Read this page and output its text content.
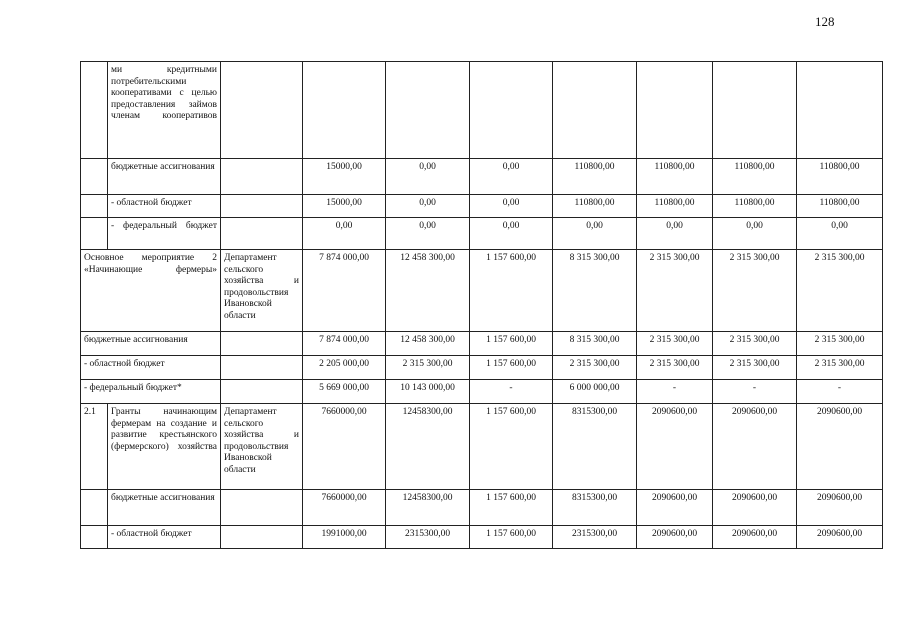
128
	ми кредитными потребительскими кооперативами с целью предоставления займов членам кооперативов								
	бюджетные ассигнования		15000,00	0,00	0,00	110800,00	110800,00	110800,00	110800,00
	- областной бюджет		15000,00	0,00	0,00	110800,00	110800,00	110800,00	110800,00
	- федеральный бюджет		0,00	0,00	0,00	0,00	0,00	0,00	0,00
Основное мероприятие 2 «Начинающие фермеры»		Департамент сельского хозяйства и продовольствия Ивановской области	7 874 000,00	12 458 300,00	1 157 600,00	8 315 300,00	2 315 300,00	2 315 300,00	2 315 300,00
бюджетные ассигнования			7 874 000,00	12 458 300,00	1 157 600,00	8 315 300,00	2 315 300,00	2 315 300,00	2 315 300,00
- областной бюджет			2 205 000,00	2 315 300,00	1 157 600,00	2 315 300,00	2 315 300,00	2 315 300,00	2 315 300,00
- федеральный бюджет*			5 669 000,00	10 143 000,00	-	6 000 000,00	-	-	-
2.1	Гранты начинающим фермерам на создание и развитие крестьянского (фермерского) хозяйства	Департамент сельского хозяйства и продовольствия Ивановской области	7660000,00	12458300,00	1 157 600,00	8315300,00	2090600,00	2090600,00	2090600,00
	бюджетные ассигнования		7660000,00	12458300,00	1 157 600,00	8315300,00	2090600,00	2090600,00	2090600,00
	- областной бюджет		1991000,00	2315300,00	1 157 600,00	2315300,00	2090600,00	2090600,00	2090600,00
